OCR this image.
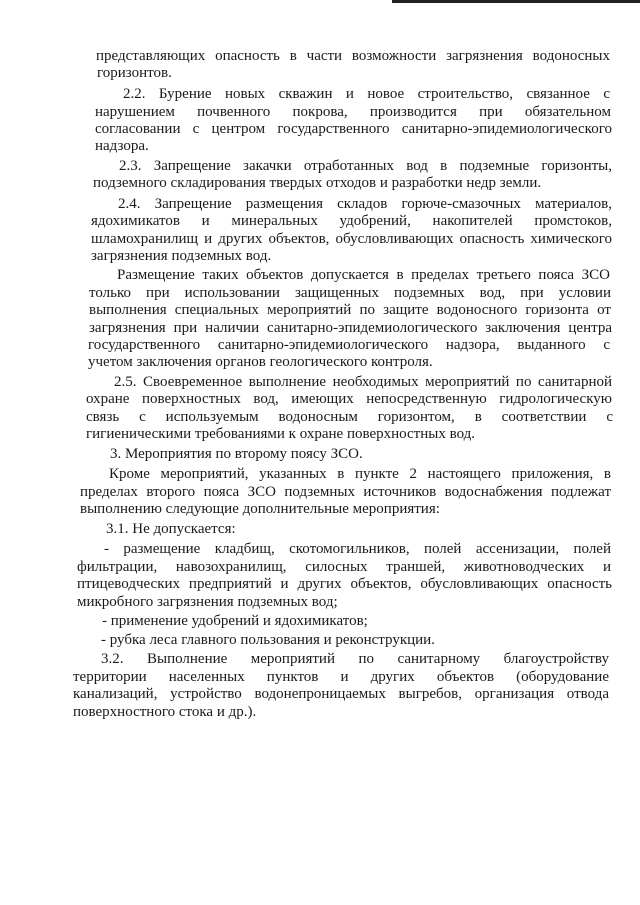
представляющих опасность в части возможности загрязнения водоносных
горизонтов.
2.2. Бурение новых скважин и новое строительство, связанное с
нарушением почвенного покрова, производится при обязательном
согласовании с центром государственного санитарно-эпидемиологического
надзора.
2.3. Запрещение закачки отработанных вод в подземные горизонты,
подземного складирования твердых отходов и разработки недр земли.
2.4. Запрещение размещения складов горюче-смазочных материалов,
ядохимикатов и минеральных удобрений, накопителей промстоков,
шламохранилищ и других объектов, обусловливающих опасность химического
загрязнения подземных вод.
Размещение таких объектов допускается в пределах третьего пояса ЗСО
только при использовании защищенных подземных вод, при условии
выполнения специальных мероприятий по защите водоносного горизонта от
загрязнения при наличии санитарно-эпидемиологического заключения центра
государственного санитарно-эпидемиологического надзора, выданного с
учетом заключения органов геологического контроля.
2.5. Своевременное выполнение необходимых мероприятий по санитарной
охране поверхностных вод, имеющих непосредственную гидрологическую
связь с используемым водоносным горизонтом, в соответствии с
гигиеническими требованиями к охране поверхностных вод.
3. Мероприятия по второму поясу ЗСО.
Кроме мероприятий, указанных в пункте 2 настоящего приложения, в
пределах второго пояса ЗСО подземных источников водоснабжения подлежат
выполнению следующие дополнительные мероприятия:
3.1. Не допускается:
- размещение кладбищ, скотомогильников, полей ассенизации, полей
фильтрации, навозохранилищ, силосных траншей, животноводческих и
птицеводческих предприятий и других объектов, обусловливающих опасность
микробного загрязнения подземных вод;
- применение удобрений и ядохимикатов;
- рубка леса главного пользования и реконструкции.
3.2. Выполнение мероприятий по санитарному благоустройству
территории населенных пунктов и других объектов (оборудование
канализаций, устройство водонепроницаемых выгребов, организация отвода
поверхностного стока и др.).
